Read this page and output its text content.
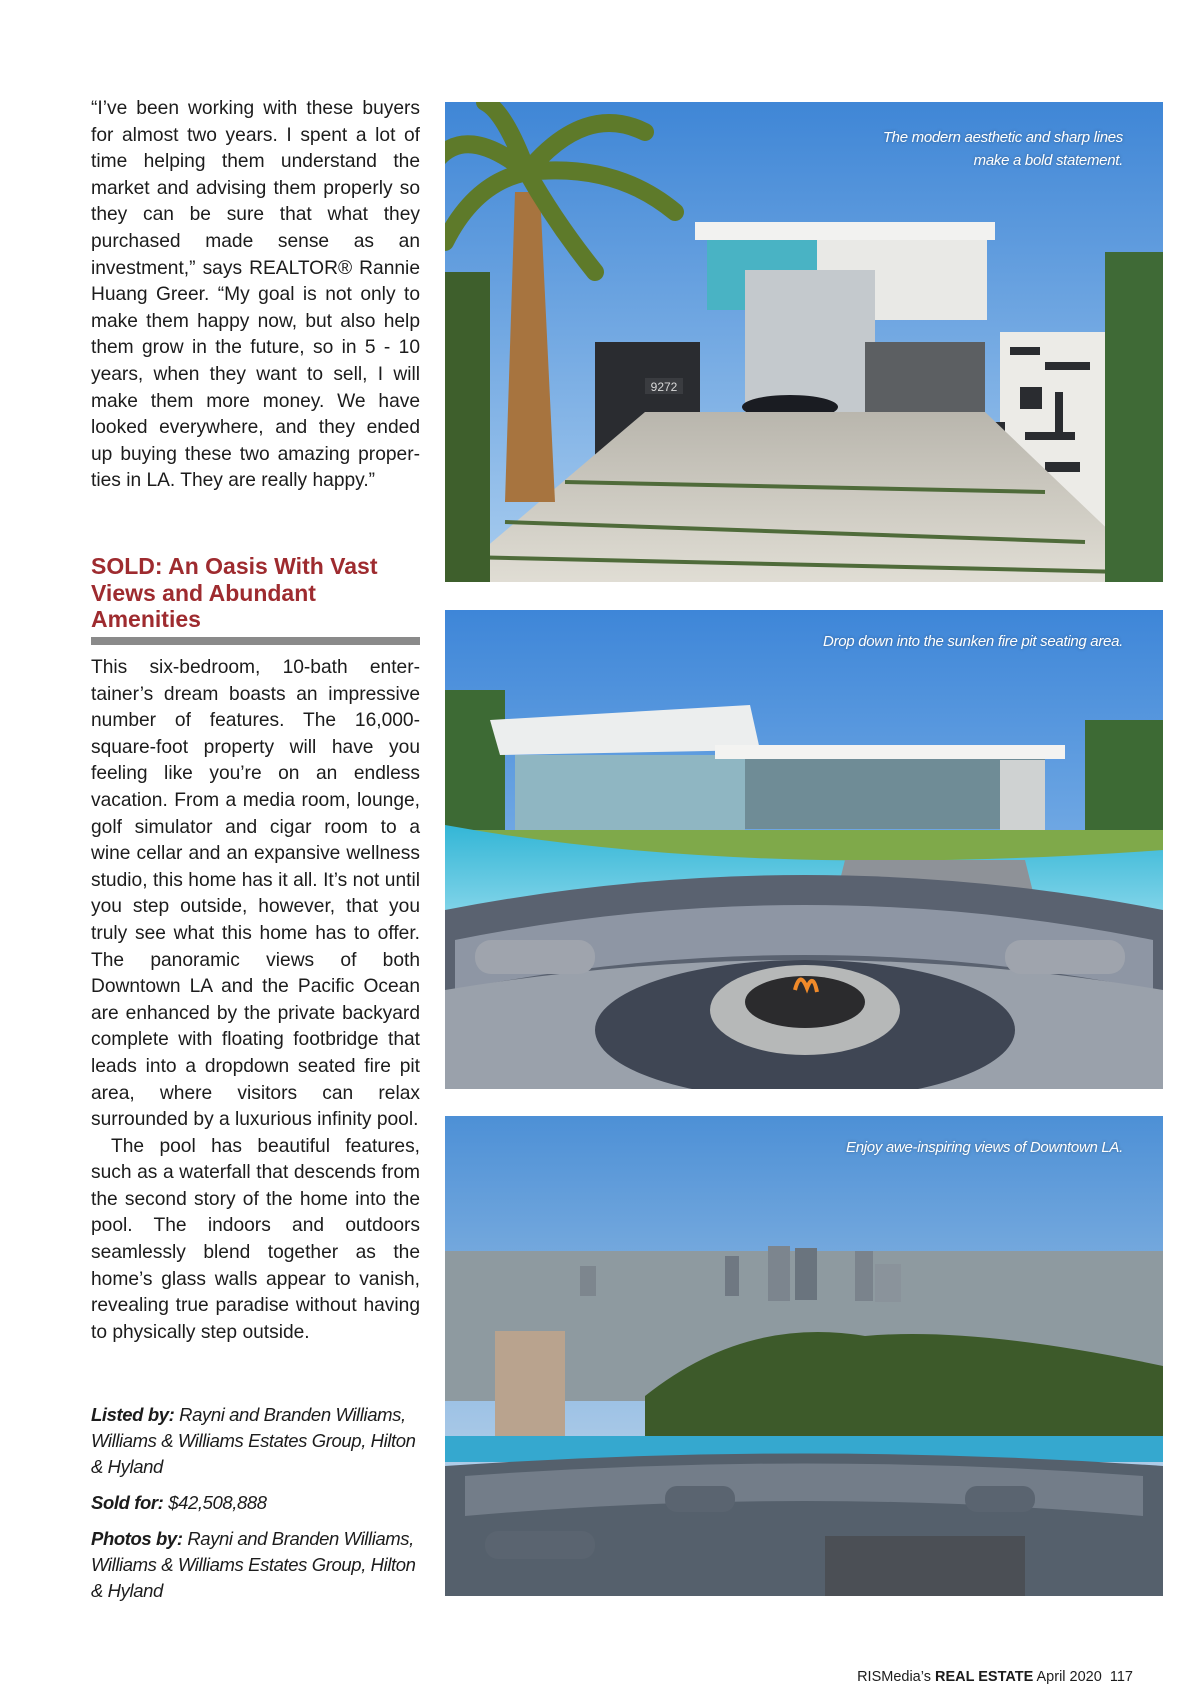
“I’ve been working with these buyers for almost two years. I spent a lot of time helping them understand the market and advising them properly so they can be sure that what they purchased made sense as an investment,” says REALTOR® Rannie Huang Greer. “My goal is not only to make them happy now, but also help them grow in the future, so in 5 - 10 years, when they want to sell, I will make them more money. We have looked everywhere, and they ended up buying these two amazing properties in LA. They are really happy.”

SOLD: An Oasis With Vast Views and Abundant Amenities

This six-bedroom, 10-bath entertainer’s dream boasts an impressive number of features. The 16,000-square-foot property will have you feeling like you’re on an endless vacation. From a media room, lounge, golf simulator and cigar room to a wine cellar and an expansive wellness studio, this home has it all. It’s not until you step outside, however, that you truly see what this home has to offer. The panoramic views of both Downtown LA and the Pacific Ocean are enhanced by the private backyard complete with floating footbridge that leads into a dropdown seated fire pit area, where visitors can relax surrounded by a luxurious infinity pool.

The pool has beautiful features, such as a waterfall that descends from the second story of the home into the pool. The indoors and outdoors seamlessly blend together as the home’s glass walls appear to vanish, revealing true paradise without having to physically step outside.

Listed by: Rayni and Branden Williams, Williams & Williams Estates Group, Hilton & Hyland

Sold for: $42,508,888

Photos by: Rayni and Branden Williams, Williams & Williams Estates Group, Hilton & Hyland

9272
The modern aesthetic and sharp lines
make a bold statement.
Drop down into the sunken fire pit seating area.
Enjoy awe-inspiring views of Downtown LA.
RISMedia’s REAL ESTATE April 2020 117
